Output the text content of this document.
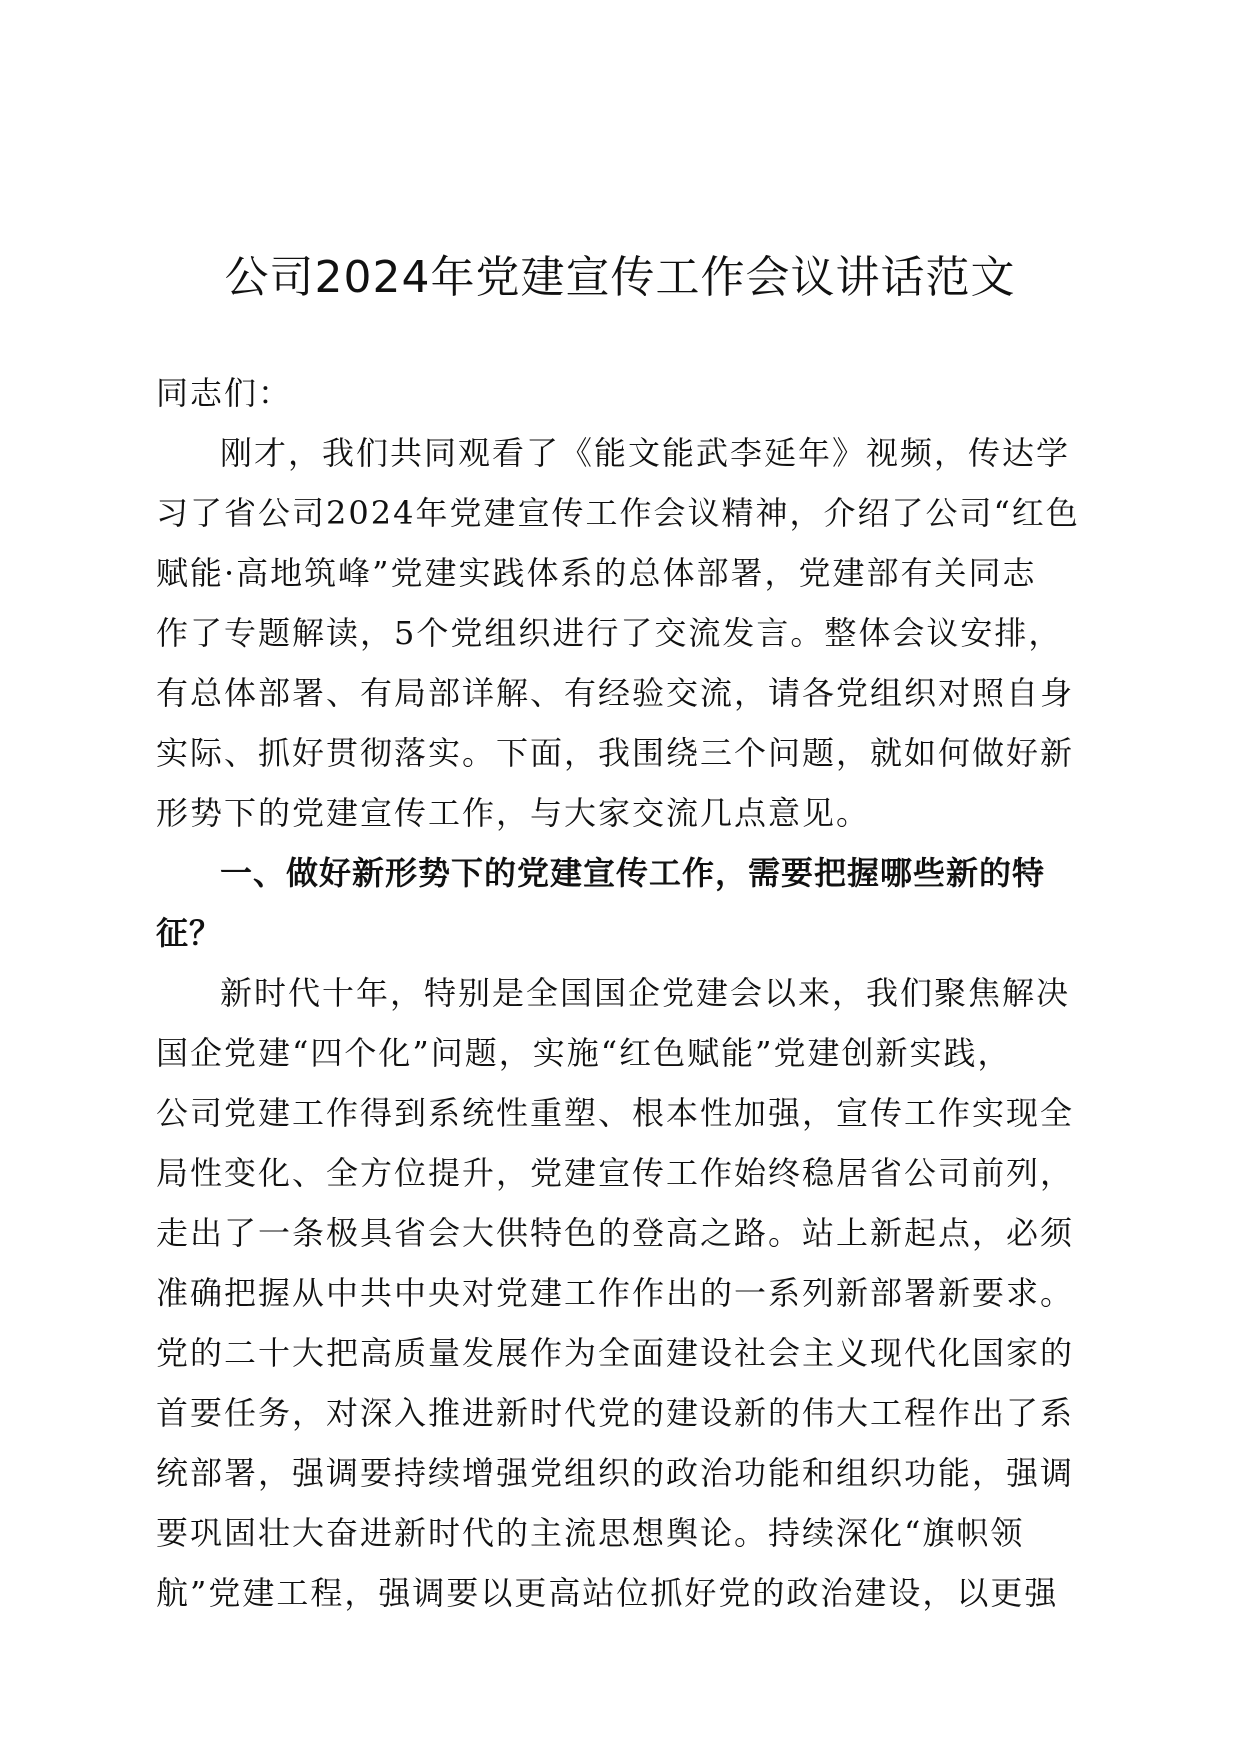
公司2024年党建宣传工作会议讲话范文
同志们：
刚才，我们共同观看了《能文能武李延年》视频，传达学
习了省公司2024年党建宣传工作会议精神，介绍了公司“红色
赋能·高地筑峰”党建实践体系的总体部署，党建部有关同志
作了专题解读，5个党组织进行了交流发言。整体会议安排，
有总体部署、有局部详解、有经验交流，请各党组织对照自身
实际、抓好贯彻落实。下面，我围绕三个问题，就如何做好新
形势下的党建宣传工作，与大家交流几点意见。
一、做好新形势下的党建宣传工作，需要把握哪些新的特
征？
新时代十年，特别是全国国企党建会以来，我们聚焦解决
国企党建“四个化”问题，实施“红色赋能”党建创新实践，
公司党建工作得到系统性重塑、根本性加强，宣传工作实现全
局性变化、全方位提升，党建宣传工作始终稳居省公司前列，
走出了一条极具省会大供特色的登高之路。站上新起点，必须
准确把握从中共中央对党建工作作出的一系列新部署新要求。
党的二十大把高质量发展作为全面建设社会主义现代化国家的
首要任务，对深入推进新时代党的建设新的伟大工程作出了系
统部署，强调要持续增强党组织的政治功能和组织功能，强调
要巩固壮大奋进新时代的主流思想舆论。持续深化“旗帜领
航”党建工程，强调要以更高站位抓好党的政治建设，以更强
